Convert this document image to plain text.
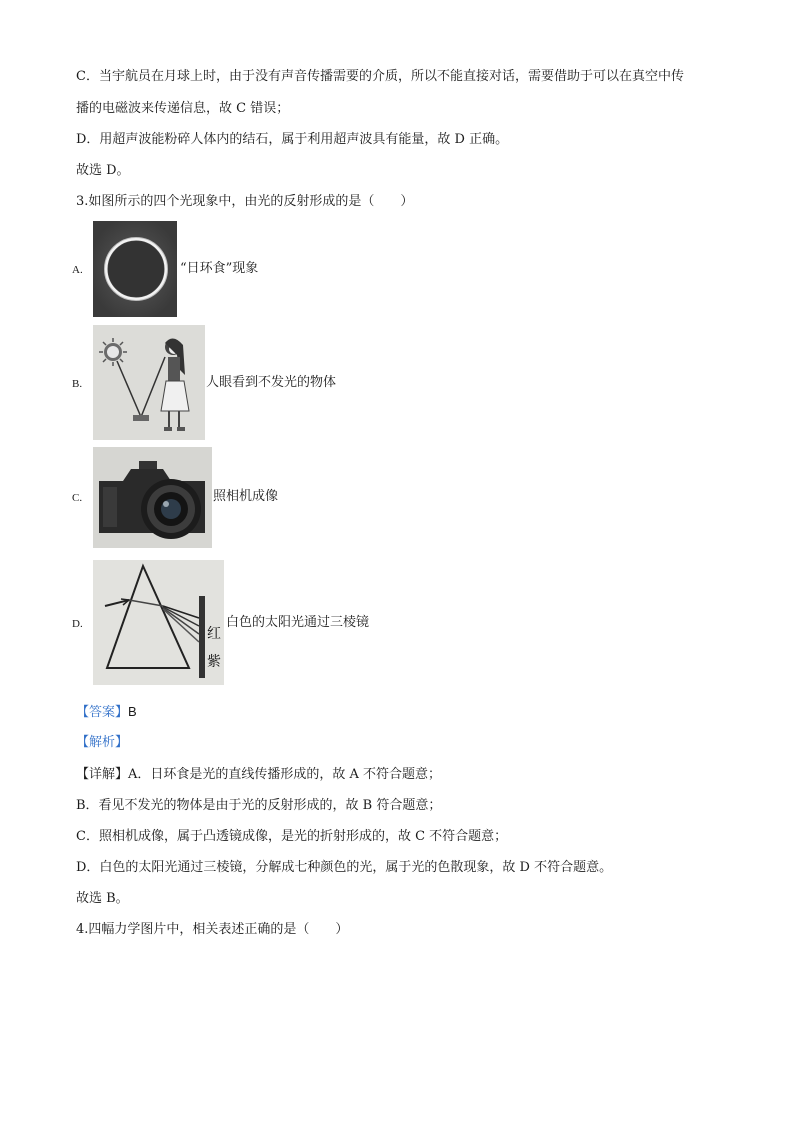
C．当宇航员在月球上时，由于没有声音传播需要的介质，所以不能直接对话，需要借助于可以在真空中传
播的电磁波来传递信息，故 C 错误；
D．用超声波能粉碎人体内的结石，属于利用超声波具有能量，故 D 正确。
故选 D。
3.如图所示的四个光现象中，由光的反射形成的是（　　）
A.	“日环食”现象
B.	人眼看到不发光的物体
C.	照相机成像
D.
红
紫
白色的太阳光通过三棱镜
【答案】B
【解析】
【详解】A．日环食是光的直线传播形成的，故 A 不符合题意；
B．看见不发光的物体是由于光的反射形成的，故 B 符合题意；
C．照相机成像，属于凸透镜成像，是光的折射形成的，故 C 不符合题意；
D．白色的太阳光通过三棱镜，分解成七种颜色的光，属于光的色散现象，故 D 不符合题意。
故选 B。
4.四幅力学图片中，相关表述正确的是（　　）
